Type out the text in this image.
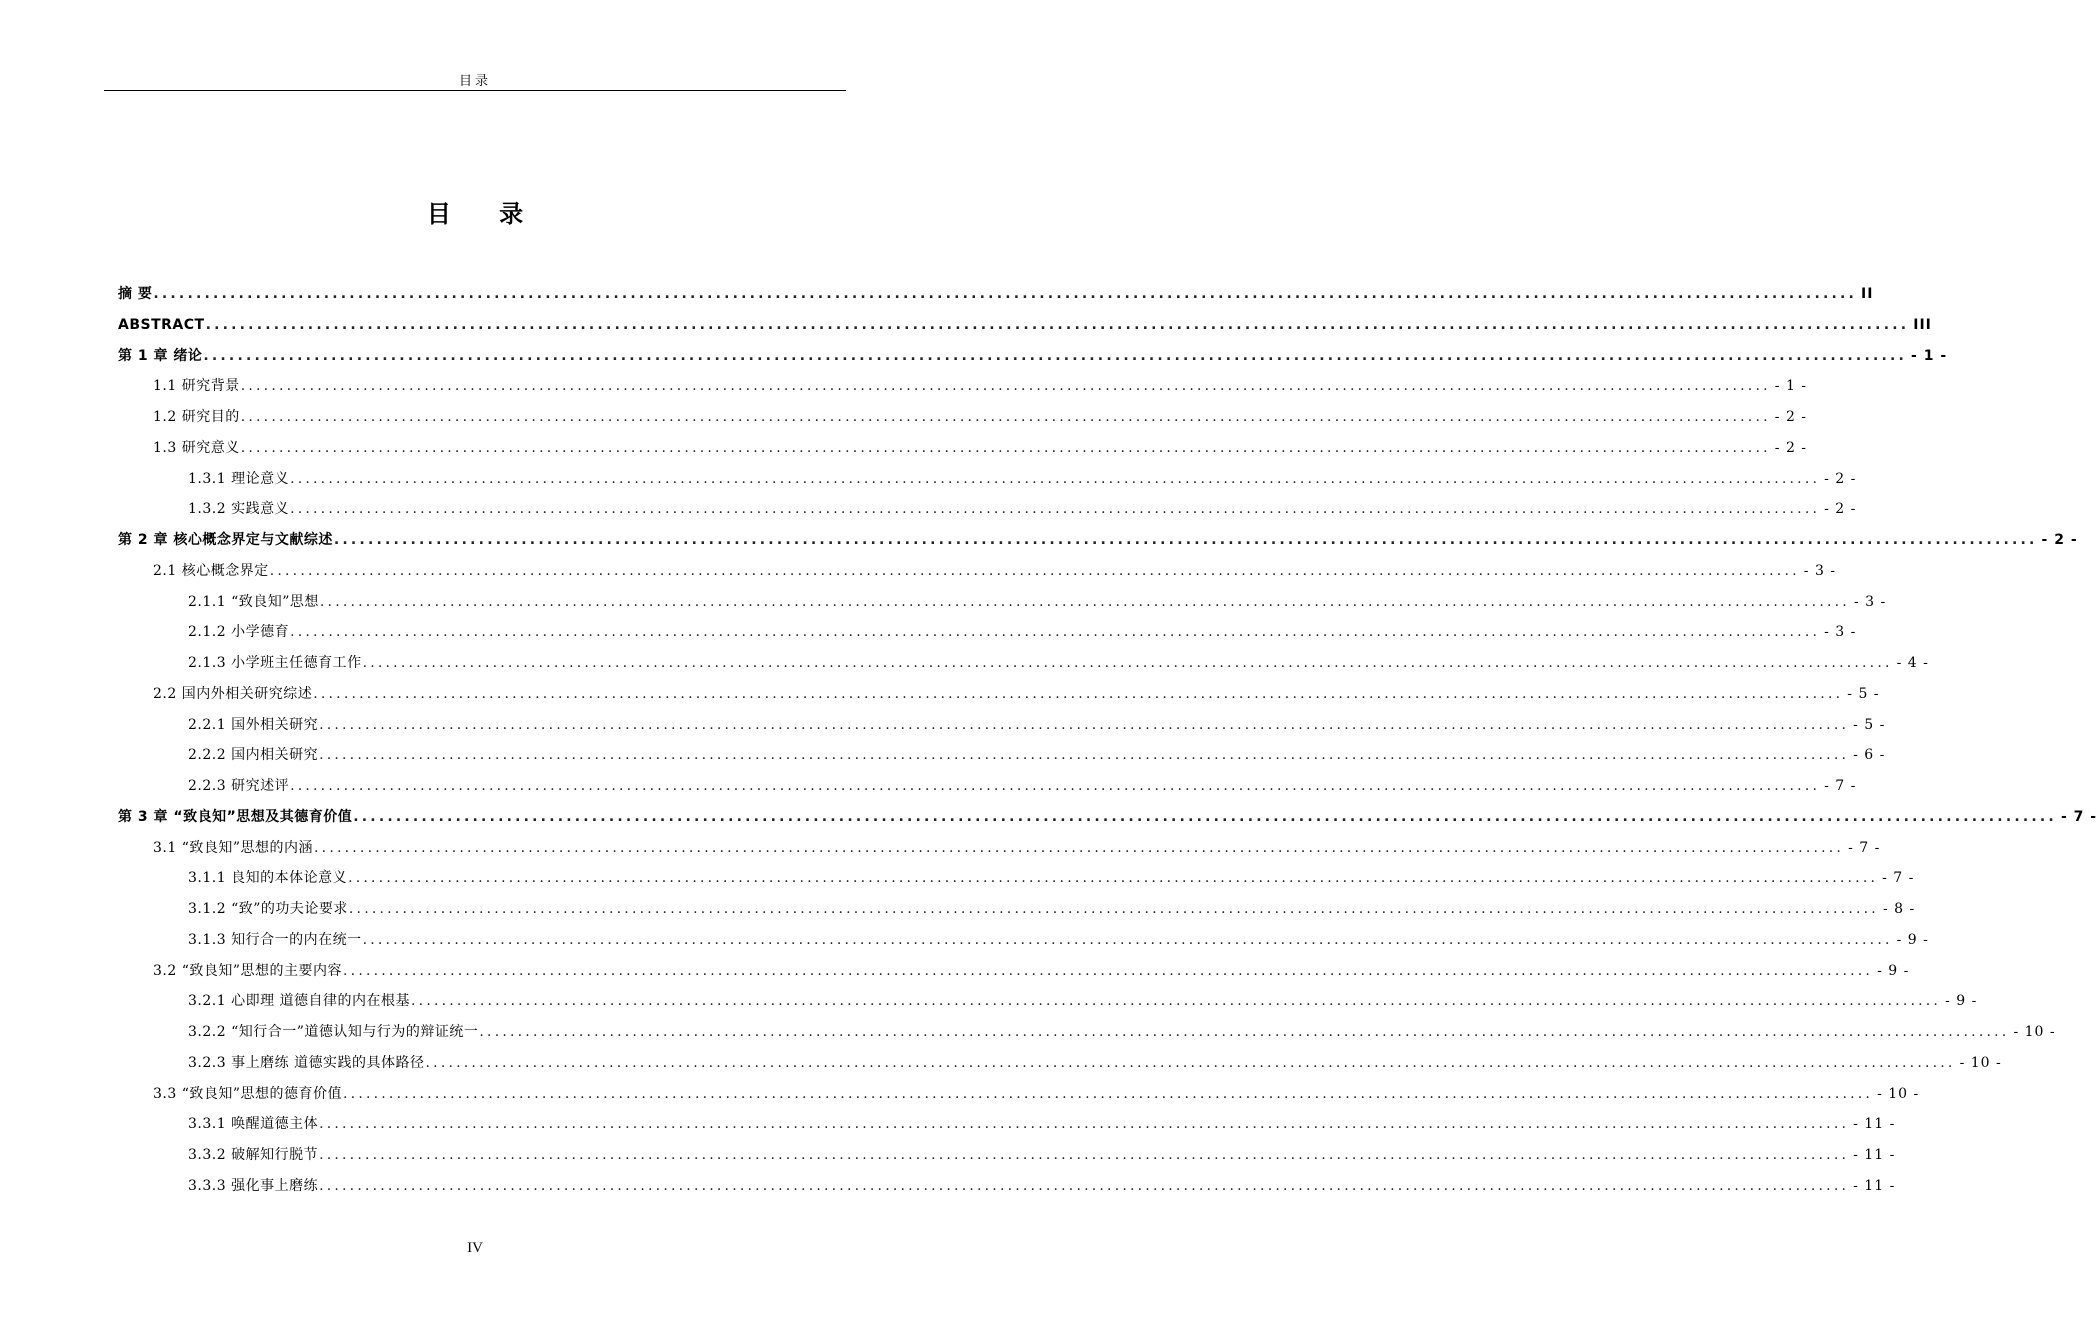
目录
目 录
摘 要 ........................................................................................................................................................................................................ II
ABSTRACT ........................................................................................................................................................................................................ III
第 1 章 绪论 ........................................................................................................................................................................................................ - 1 -
1.1 研究背景 ........................................................................................................................................................................................................ - 1 -
1.2 研究目的 ........................................................................................................................................................................................................ - 2 -
1.3 研究意义 ........................................................................................................................................................................................................ - 2 -
1.3.1 理论意义 ........................................................................................................................................................................................................ - 2 -
1.3.2 实践意义 ........................................................................................................................................................................................................ - 2 -
第 2 章 核心概念界定与文献综述 ........................................................................................................................................................................................................ - 2 -
2.1 核心概念界定 ........................................................................................................................................................................................................ - 3 -
2.1.1 “致良知”思想 ........................................................................................................................................................................................................ - 3 -
2.1.2 小学德育 ........................................................................................................................................................................................................ - 3 -
2.1.3 小学班主任德育工作 ........................................................................................................................................................................................................ - 4 -
2.2 国内外相关研究综述 ........................................................................................................................................................................................................ - 5 -
2.2.1 国外相关研究 ........................................................................................................................................................................................................ - 5 -
2.2.2 国内相关研究 ........................................................................................................................................................................................................ - 6 -
2.2.3 研究述评 ........................................................................................................................................................................................................ - 7 -
第 3 章 “致良知”思想及其德育价值 ........................................................................................................................................................................................................ - 7 -
3.1 “致良知”思想的内涵 ........................................................................................................................................................................................................ - 7 -
3.1.1 良知的本体论意义 ........................................................................................................................................................................................................ - 7 -
3.1.2 “致”的功夫论要求 ........................................................................................................................................................................................................ - 8 -
3.1.3 知行合一的内在统一 ........................................................................................................................................................................................................ - 9 -
3.2 “致良知”思想的主要内容 ........................................................................................................................................................................................................ - 9 -
3.2.1 心即理 道德自律的内在根基 ........................................................................................................................................................................................................ - 9 -
3.2.2 “知行合一”道德认知与行为的辩证统一 ........................................................................................................................................................................................................ - 10 -
3.2.3 事上磨练 道德实践的具体路径 ........................................................................................................................................................................................................ - 10 -
3.3 “致良知”思想的德育价值 ........................................................................................................................................................................................................ - 10 -
3.3.1 唤醒道德主体 ........................................................................................................................................................................................................ - 11 -
3.3.2 破解知行脱节 ........................................................................................................................................................................................................ - 11 -
3.3.3 强化事上磨练 ........................................................................................................................................................................................................ - 11 -
IV
